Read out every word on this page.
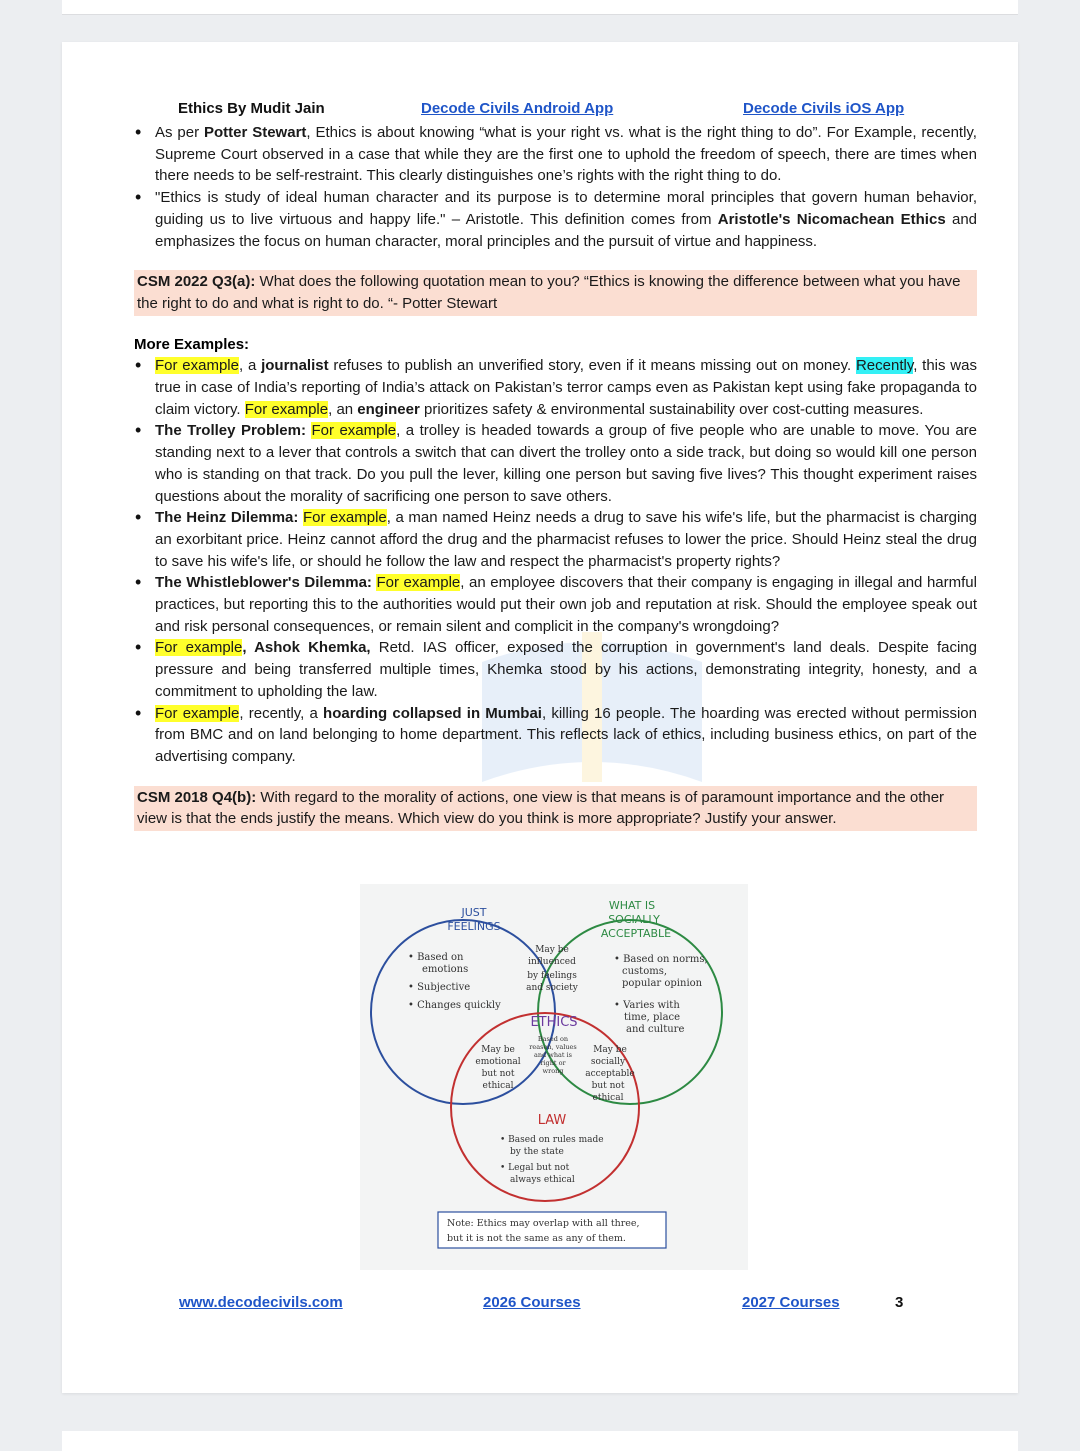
Ethics By Mudit Jain	Decode Civils Android App	Decode Civils iOS App
• As per Potter Stewart, Ethics is about knowing “what is your right vs. what is the right thing to do”. For Example, recently, Supreme Court observed in a case that while they are the first one to uphold the freedom of speech, there are times when there needs to be self-restraint. This clearly distinguishes one’s rights with the right thing to do.
• "Ethics is study of ideal human character and its purpose is to determine moral principles that govern human behavior, guiding us to live virtuous and happy life." – Aristotle. This definition comes from Aristotle's Nicomachean Ethics and emphasizes the focus on human character, moral principles and the pursuit of virtue and happiness.
CSM 2022 Q3(a): What does the following quotation mean to you? “Ethics is knowing the difference between what you have the right to do and what is right to do. “- Potter Stewart
More Examples:
• For example, a journalist refuses to publish an unverified story, even if it means missing out on money. Recently, this was true in case of India’s reporting of India’s attack on Pakistan’s terror camps even as Pakistan kept using fake propaganda to claim victory. For example, an engineer prioritizes safety & environmental sustainability over cost-cutting measures.
• The Trolley Problem: For example, a trolley is headed towards a group of five people who are unable to move. You are standing next to a lever that controls a switch that can divert the trolley onto a side track, but doing so would kill one person who is standing on that track. Do you pull the lever, killing one person but saving five lives? This thought experiment raises questions about the morality of sacrificing one person to save others.
• The Heinz Dilemma: For example, a man named Heinz needs a drug to save his wife's life, but the pharmacist is charging an exorbitant price. Heinz cannot afford the drug and the pharmacist refuses to lower the price. Should Heinz steal the drug to save his wife's life, or should he follow the law and respect the pharmacist's property rights?
• The Whistleblower's Dilemma: For example, an employee discovers that their company is engaging in illegal and harmful practices, but reporting this to the authorities would put their own job and reputation at risk. Should the employee speak out and risk personal consequences, or remain silent and complicit in the company's wrongdoing?
• For example, Ashok Khemka, Retd. IAS officer, exposed the corruption in government's land deals. Despite facing pressure and being transferred multiple times, Khemka stood by his actions, demonstrating integrity, honesty, and a commitment to upholding the law.
• For example, recently, a hoarding collapsed in Mumbai, killing 16 people. The hoarding was erected without permission from BMC and on land belonging to home department. This reflects lack of ethics, including business ethics, on part of the advertising company.
CSM 2018 Q4(b): With regard to the morality of actions, one view is that means is of paramount importance and the other view is that the ends justify the means. Which view do you think is more appropriate? Justify your answer.
JUST
FEELINGS
• Based on
emotions
• Subjective
• Changes quickly
WHAT IS
SOCIALLY
ACCEPTABLE
• Based on norms,
customs,
popular opinion
• Varies with
time, place
and culture
May be
influenced
by feelings
and society
ETHICS
Based on
reason, values
and what is
right or
wrong
May be
emotional
but not
ethical
May be
socially
acceptable
but not
ethical
LAW
• Based on rules made
by the state
• Legal but not
always ethical
Note: Ethics may overlap with all three,
but it is not the same as any of them.
www.decodecivils.com	2026 Courses	2027 Courses	3
